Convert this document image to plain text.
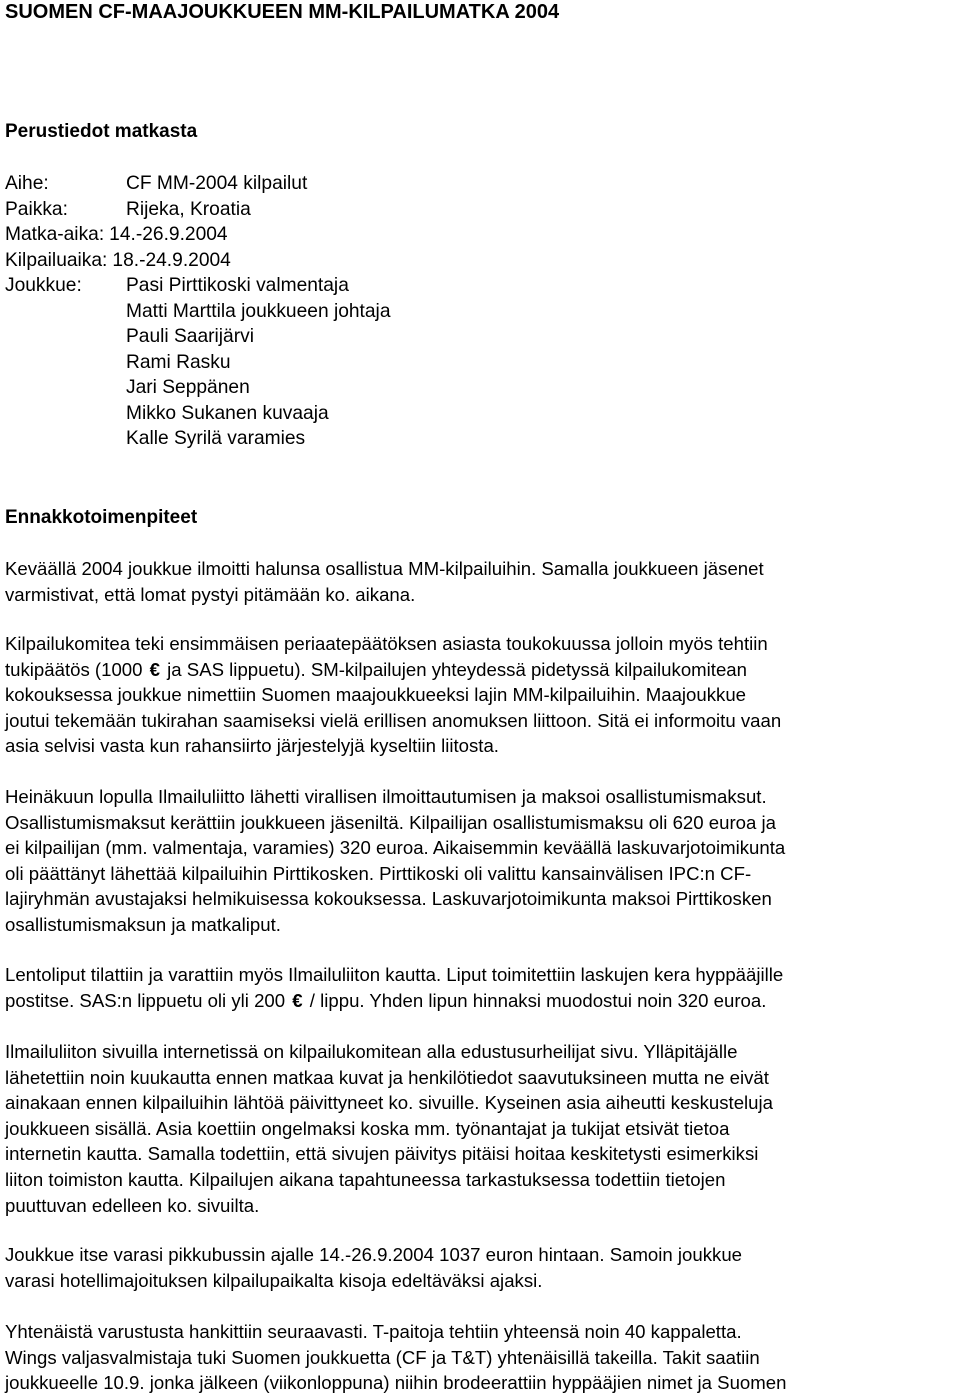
SUOMEN CF-MAAJOUKKUEEN MM-KILPAILUMATKA 2004
Perustiedot matkasta
Aihe:	CF MM-2004 kilpailut
Paikka:	Rijeka, Kroatia
Matka-aika: 14.-26.9.2004
Kilpailuaika: 18.-24.9.2004
Joukkue:	Pasi Pirttikoski valmentaja
Matti Marttila joukkueen johtaja
Pauli Saarijärvi
Rami Rasku
Jari Seppänen
Mikko Sukanen kuvaaja
Kalle Syrilä varamies
Ennakkotoimenpiteet

Keväällä 2004 joukkue ilmoitti halunsa osallistua MM-kilpailuihin. Samalla joukkueen jäsenet
varmistivat, että lomat pystyi pitämään ko. aikana.

Kilpailukomitea teki ensimmäisen periaatepäätöksen asiasta toukokuussa jolloin myös tehtiin
tukipäätös (1000 € ja SAS lippuetu). SM-kilpailujen yhteydessä pidetyssä kilpailukomitean
kokouksessa joukkue nimettiin Suomen maajoukkueeksi lajin MM-kilpailuihin. Maajoukkue
joutui tekemään tukirahan saamiseksi vielä erillisen anomuksen liittoon. Sitä ei informoitu vaan
asia selvisi vasta kun rahansiirto järjestelyjä kyseltiin liitosta.

Heinäkuun lopulla Ilmailuliitto lähetti virallisen ilmoittautumisen ja maksoi osallistumismaksut.
Osallistumismaksut kerättiin joukkueen jäseniltä. Kilpailijan osallistumismaksu oli 620 euroa ja
ei kilpailijan (mm. valmentaja, varamies) 320 euroa. Aikaisemmin keväällä laskuvarjotoimikunta
oli päättänyt lähettää kilpailuihin Pirttikosken. Pirttikoski oli valittu kansainvälisen IPC:n CF-
lajiryhmän avustajaksi helmikuisessa kokouksessa. Laskuvarjotoimikunta maksoi Pirttikosken
osallistumismaksun ja matkaliput.

Lentoliput tilattiin ja varattiin myös Ilmailuliiton kautta. Liput toimitettiin laskujen kera hyppääjille
postitse. SAS:n lippuetu oli yli 200 € / lippu. Yhden lipun hinnaksi muodostui noin 320 euroa.

Ilmailuliiton sivuilla internetissä on kilpailukomitean alla edustusurheilijat sivu. Ylläpitäjälle
lähetettiin noin kuukautta ennen matkaa kuvat ja henkilötiedot saavutuksineen mutta ne eivät
ainakaan ennen kilpailuihin lähtöä päivittyneet ko. sivuille. Kyseinen asia aiheutti keskusteluja
joukkueen sisällä. Asia koettiin ongelmaksi koska mm. työnantajat ja tukijat etsivät tietoa
internetin kautta. Samalla todettiin, että sivujen päivitys pitäisi hoitaa keskitetysti esimerkiksi
liiton toimiston kautta. Kilpailujen aikana tapahtuneessa tarkastuksessa todettiin tietojen
puuttuvan edelleen ko. sivuilta.

Joukkue itse varasi pikkubussin ajalle 14.-26.9.2004 1037 euron hintaan. Samoin joukkue
varasi hotellimajoituksen kilpailupaikalta kisoja edeltäväksi ajaksi.

Yhtenäistä varustusta hankittiin seuraavasti. T-paitoja tehtiin yhteensä noin 40 kappaletta.
Wings valjasvalmistaja tuki Suomen joukkuetta (CF ja T&T) yhtenäisillä takeilla. Takit saatiin
joukkueelle 10.9. jonka jälkeen (viikonloppuna) niihin brodeerattiin hyppääjien nimet ja Suomen
